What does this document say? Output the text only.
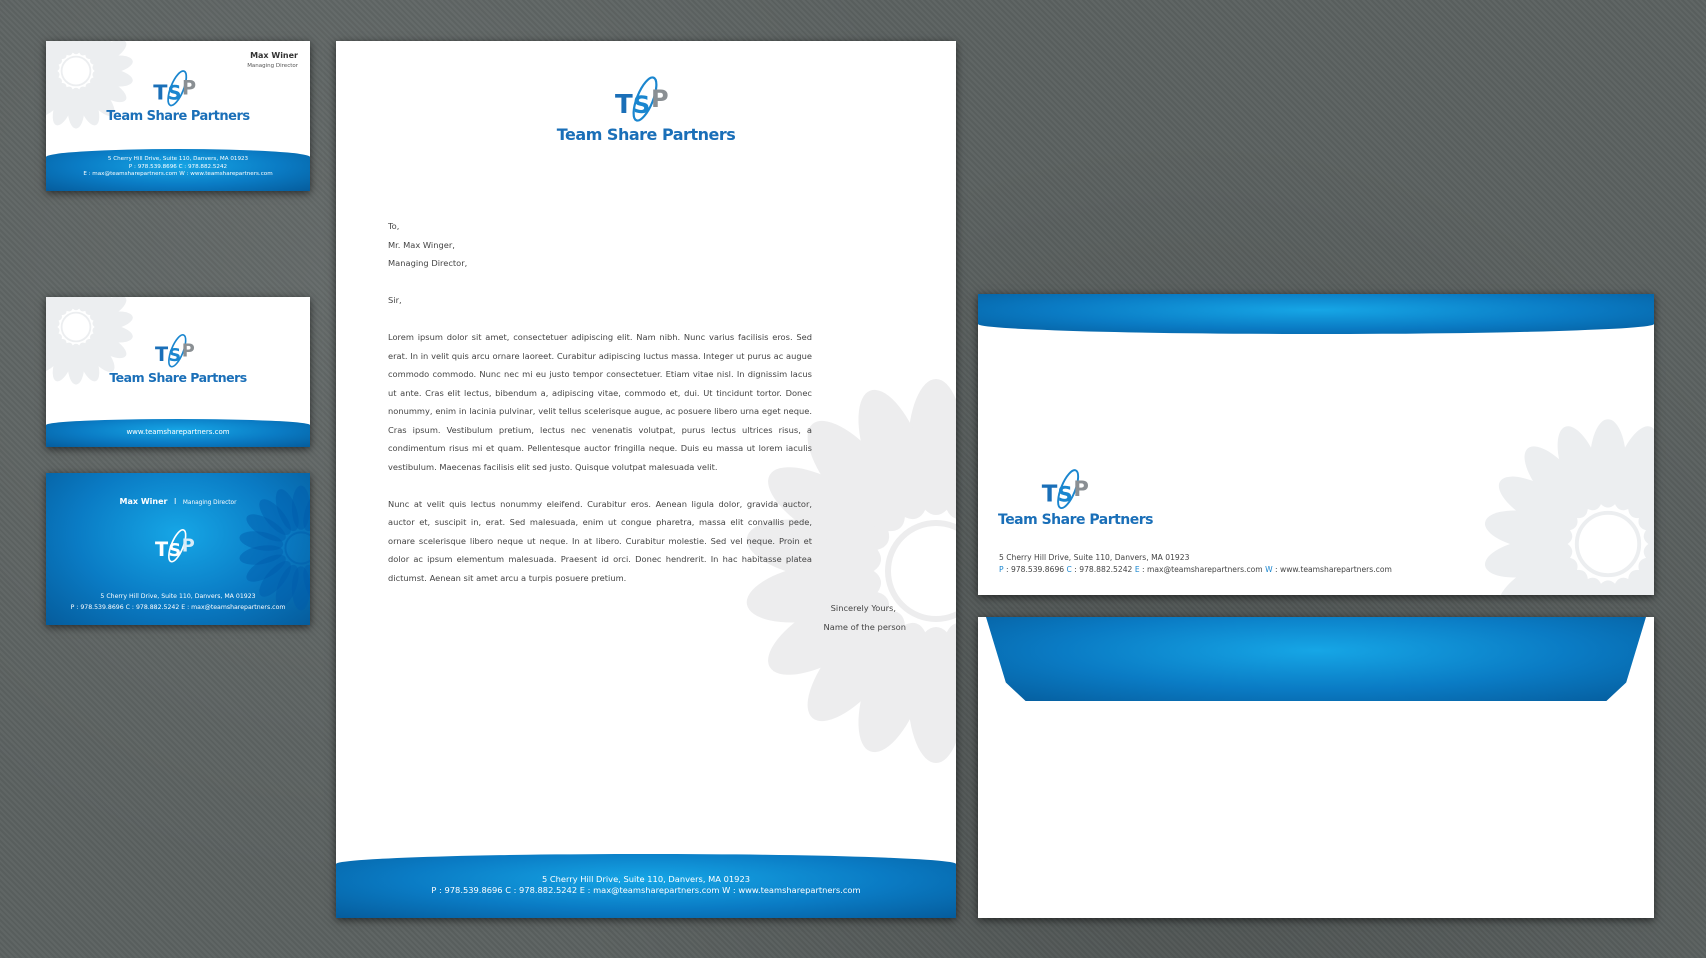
Max Winer
Managing Director
Team Share Partners
5 Cherry Hill Drive, Suite 110, Danvers, MA 01923
P : 978.539.8696 C : 978.882.5242
E : max@teamsharepartners.com W : www.teamsharepartners.com
Team Share Partners
www.teamsharepartners.com
Max Winer I Managing Director
5 Cherry Hill Drive, Suite 110, Danvers, MA 01923
P : 978.539.8696 C : 978.882.5242 E : max@teamsharepartners.com
Team Share Partners

To,

Mr. Max Winger,

Managing Director,

Sir,

Lorem ipsum dolor sit amet, consectetuer adipiscing elit. Nam nibh. Nunc varius facilisis eros. Sed erat. In in velit quis arcu ornare laoreet. Curabitur adipiscing luctus massa. Integer ut purus ac augue commodo commodo. Nunc nec mi eu justo tempor consectetuer. Etiam vitae nisl. In dignissim lacus ut ante. Cras elit lectus, bibendum a, adipiscing vitae, commodo et, dui. Ut tincidunt tortor. Donec nonummy, enim in lacinia pulvinar, velit tellus scelerisque augue, ac posuere libero urna eget neque. Cras ipsum. Vestibulum pretium, lectus nec venenatis volutpat, purus lectus ultrices risus, a condimentum risus mi et quam. Pellentesque auctor fringilla neque. Duis eu massa ut lorem iaculis vestibulum. Maecenas facilisis elit sed justo. Quisque volutpat malesuada velit.

Nunc at velit quis lectus nonummy eleifend. Curabitur eros. Aenean ligula dolor, gravida auctor, auctor et, suscipit in, erat. Sed malesuada, enim ut congue pharetra, massa elit convallis pede, ornare scelerisque libero neque ut neque. In at libero. Curabitur molestie. Sed vel neque. Proin et dolor ac ipsum elementum malesuada. Praesent id orci. Donec hendrerit. In hac habitasse platea dictumst. Aenean sit amet arcu a turpis posuere pretium.

Sincerely Yours,
Name of the person
5 Cherry Hill Drive, Suite 110, Danvers, MA 01923
P : 978.539.8696 C : 978.882.5242 E : max@teamsharepartners.com W : www.teamsharepartners.com
Team Share Partners
5 Cherry Hill Drive, Suite 110, Danvers, MA 01923
P : 978.539.8696 C : 978.882.5242 E : max@teamsharepartners.com W : www.teamsharepartners.com
